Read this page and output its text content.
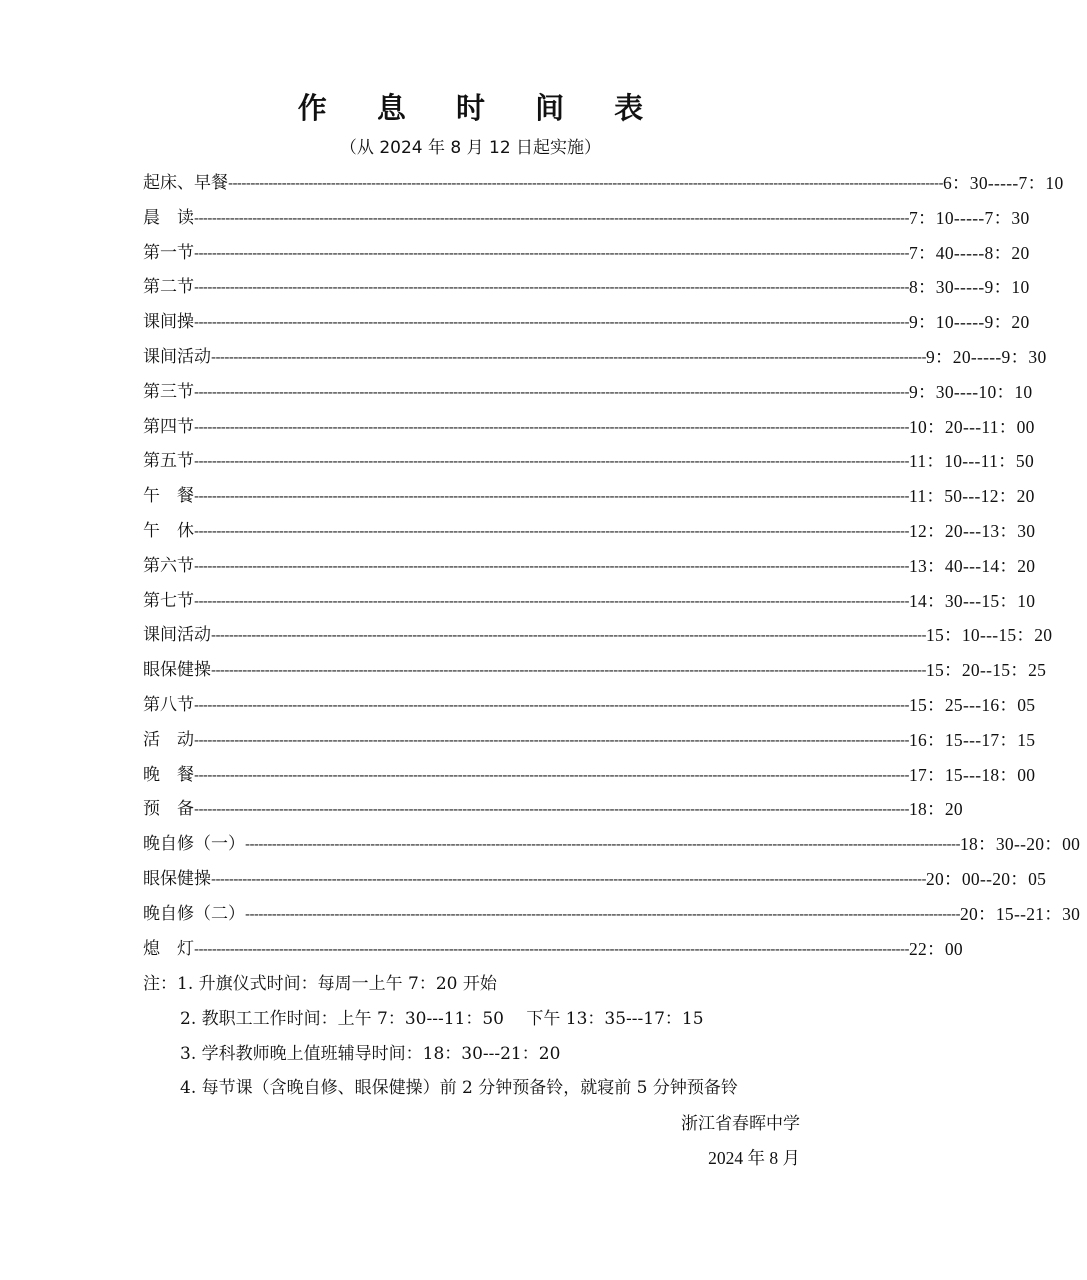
作 息 时 间 表
（从 2024 年 8 月 12 日起实施）
起床、早餐 ---------------------------------------------------------------------------------------------------------------------------------------------------------------- 6：30-----7：10
晨　读 ---------------------------------------------------------------------------------------------------------------------------------------------------------------- 7：10-----7：30
第一节 ---------------------------------------------------------------------------------------------------------------------------------------------------------------- 7：40-----8：20
第二节 ---------------------------------------------------------------------------------------------------------------------------------------------------------------- 8：30-----9：10
课间操 ---------------------------------------------------------------------------------------------------------------------------------------------------------------- 9：10-----9：20
课间活动 ---------------------------------------------------------------------------------------------------------------------------------------------------------------- 9：20-----9：30
第三节 ---------------------------------------------------------------------------------------------------------------------------------------------------------------- 9：30----10：10
第四节 ---------------------------------------------------------------------------------------------------------------------------------------------------------------- 10：20---11：00
第五节 ---------------------------------------------------------------------------------------------------------------------------------------------------------------- 11：10---11：50
午　餐 ---------------------------------------------------------------------------------------------------------------------------------------------------------------- 11：50---12：20
午　休 ---------------------------------------------------------------------------------------------------------------------------------------------------------------- 12：20---13：30
第六节 ---------------------------------------------------------------------------------------------------------------------------------------------------------------- 13：40---14：20
第七节 ---------------------------------------------------------------------------------------------------------------------------------------------------------------- 14：30---15：10
课间活动 ---------------------------------------------------------------------------------------------------------------------------------------------------------------- 15：10---15：20
眼保健操 ---------------------------------------------------------------------------------------------------------------------------------------------------------------- 15：20--15：25
第八节 ---------------------------------------------------------------------------------------------------------------------------------------------------------------- 15：25---16：05
活　动 ---------------------------------------------------------------------------------------------------------------------------------------------------------------- 16：15---17：15
晚　餐 ---------------------------------------------------------------------------------------------------------------------------------------------------------------- 17：15---18：00
预　备 ---------------------------------------------------------------------------------------------------------------------------------------------------------------- 18：20
晚自修（一） ---------------------------------------------------------------------------------------------------------------------------------------------------------------- 18：30--20：00
眼保健操 ---------------------------------------------------------------------------------------------------------------------------------------------------------------- 20：00--20：05
晚自修（二） ---------------------------------------------------------------------------------------------------------------------------------------------------------------- 20：15--21：30
熄　灯 ---------------------------------------------------------------------------------------------------------------------------------------------------------------- 22：00
注：1. 升旗仪式时间：每周一上午 7：20 开始
2. 教职工工作时间：上午 7：30---11：50　 下午 13：35---17：15
3. 学科教师晚上值班辅导时间：18：30---21：20
4. 每节课（含晚自修、眼保健操）前 2 分钟预备铃，就寝前 5 分钟预备铃
浙江省春晖中学
2024 年 8 月
